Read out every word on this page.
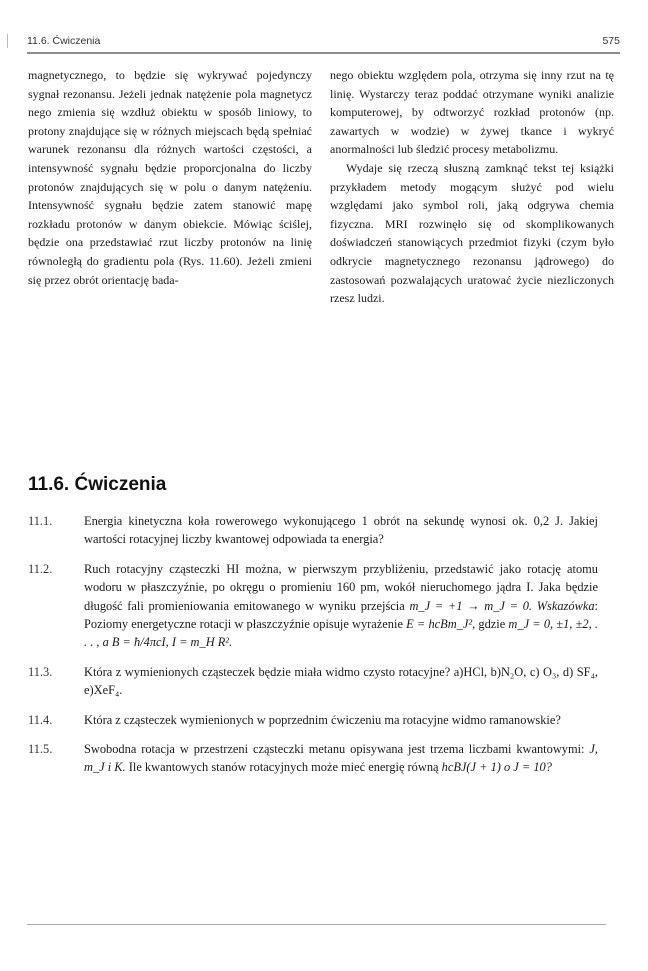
11.6. Ćwiczenia	575

magnetycznego, to będzie się wykrywać pojedynczy sygnał rezonansu. Jeżeli jednak natężenie pola magnetycz nego zmienia się wzdłuż obiektu w sposób liniowy, to protony znajdujące się w różnych miejscach będą spełniać warunek rezonansu dla różnych wartości częstości, a intensywność sygnału będzie proporcjonalna do liczby protonów znajdujących się w polu o danym natężeniu. Intensywność sygnału będzie zatem stanowić mapę rozkładu protonów w danym obiekcie. Mówiąc ściślej, będzie ona przedstawiać rzut liczby protonów na linię równoległą do gradientu pola (Rys. 11.60). Jeżeli zmieni się przez obrót orientację bada-

nego obiektu względem pola, otrzyma się inny rzut na tę linię. Wystarczy teraz poddać otrzymane wyniki analizie komputerowej, by odtworzyć rozkład protonów (np. zawartych w wodzie) w żywej tkance i wykryć anormalności lub śledzić procesy metabolizmu.

Wydaje się rzeczą słuszną zamknąć tekst tej książki przykładem metody mogącym służyć pod wielu względami jako symbol roli, jaką odgrywa chemia fizyczna. MRI rozwinęło się od skomplikowanych doświadczeń stanowiących przedmiot fizyki (czym było odkrycie magnetycznego rezonansu jądrowego) do zastosowań pozwalających uratować życie niezliczonych rzesz ludzi.

11.6. Ćwiczenia
11.1.	Energia kinetyczna koła rowerowego wykonującego 1 obrót na sekundę wynosi ok. 0,2 J. Jakiej wartości rotacyjnej liczby kwantowej odpowiada ta energia?
11.2.	Ruch rotacyjny cząsteczki HI można, w pierwszym przybliżeniu, przedstawić jako rotację atomu wodoru w płaszczyźnie, po okręgu o promieniu 160 pm, wokół nieruchomego jądra I. Jaka będzie długość fali promieniowania emitowanego w wyniku przejścia m_J = +1 → m_J = 0. Wskazówka: Poziomy energetyczne rotacji w płaszczyźnie opisuje wyrażenie E = hcBm_J², gdzie m_J = 0, ±1, ±2, . . . , a B = ħ/4πcI, I = m_H R².
11.3.	Która z wymienionych cząsteczek będzie miała widmo czysto rotacyjne? a)HCl, b)N₂O, c) O₃, d) SF₄, e)XeF₄.
11.4.	Która z cząsteczek wymienionych w poprzednim ćwiczeniu ma rotacyjne widmo ramanowskie?
11.5.	Swobodna rotacja w przestrzeni cząsteczki metanu opisywana jest trzema liczbami kwantowymi: J, m_J i K. Ile kwantowych stanów rotacyjnych może mieć energię równą hcBJ(J + 1) o J = 10?
